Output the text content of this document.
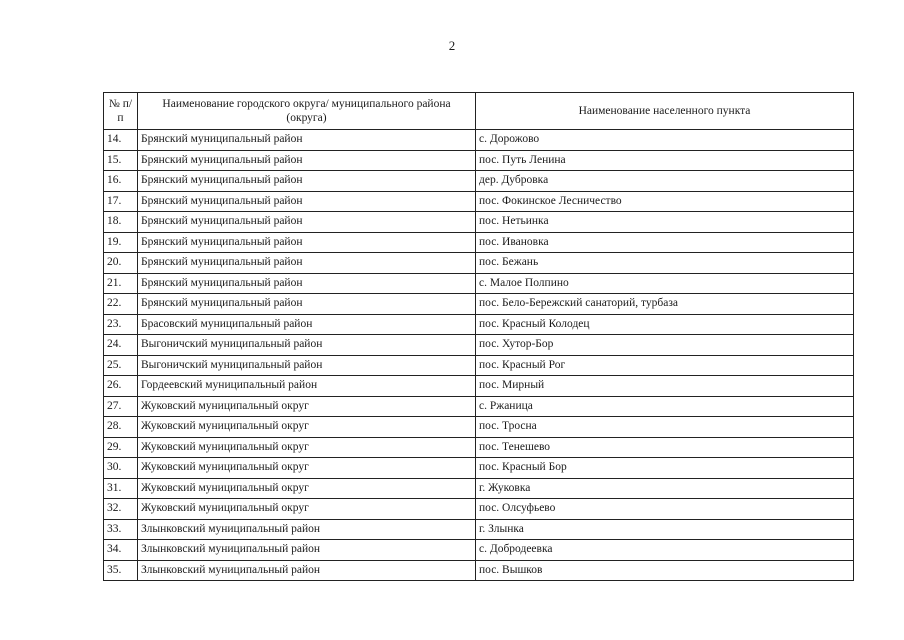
2
№ п/п	Наименование городского округа/ муниципального района (округа)	Наименование населенного пункта
14.	Брянский муниципальный район	с. Дорожово
15.	Брянский муниципальный район	пос. Путь Ленина
16.	Брянский муниципальный район	дер. Дубровка
17.	Брянский муниципальный район	пос. Фокинское Лесничество
18.	Брянский муниципальный район	пос. Нетьинка
19.	Брянский муниципальный район	пос. Ивановка
20.	Брянский муниципальный район	пос. Бежань
21.	Брянский муниципальный район	с. Малое Полпино
22.	Брянский муниципальный район	пос. Бело-Бережский санаторий, турбаза
23.	Брасовский муниципальный район	пос. Красный Колодец
24.	Выгоничский муниципальный район	пос. Хутор-Бор
25.	Выгоничский муниципальный район	пос. Красный Рог
26.	Гордеевский муниципальный район	пос. Мирный
27.	Жуковский муниципальный округ	с. Ржаница
28.	Жуковский муниципальный округ	пос. Тросна
29.	Жуковский муниципальный округ	пос. Тенешево
30.	Жуковский муниципальный округ	пос. Красный Бор
31.	Жуковский муниципальный округ	г. Жуковка
32.	Жуковский муниципальный округ	пос. Олсуфьево
33.	Злынковский муниципальный район	г. Злынка
34.	Злынковский муниципальный район	с. Добродеевка
35.	Злынковский муниципальный район	пос. Вышков
